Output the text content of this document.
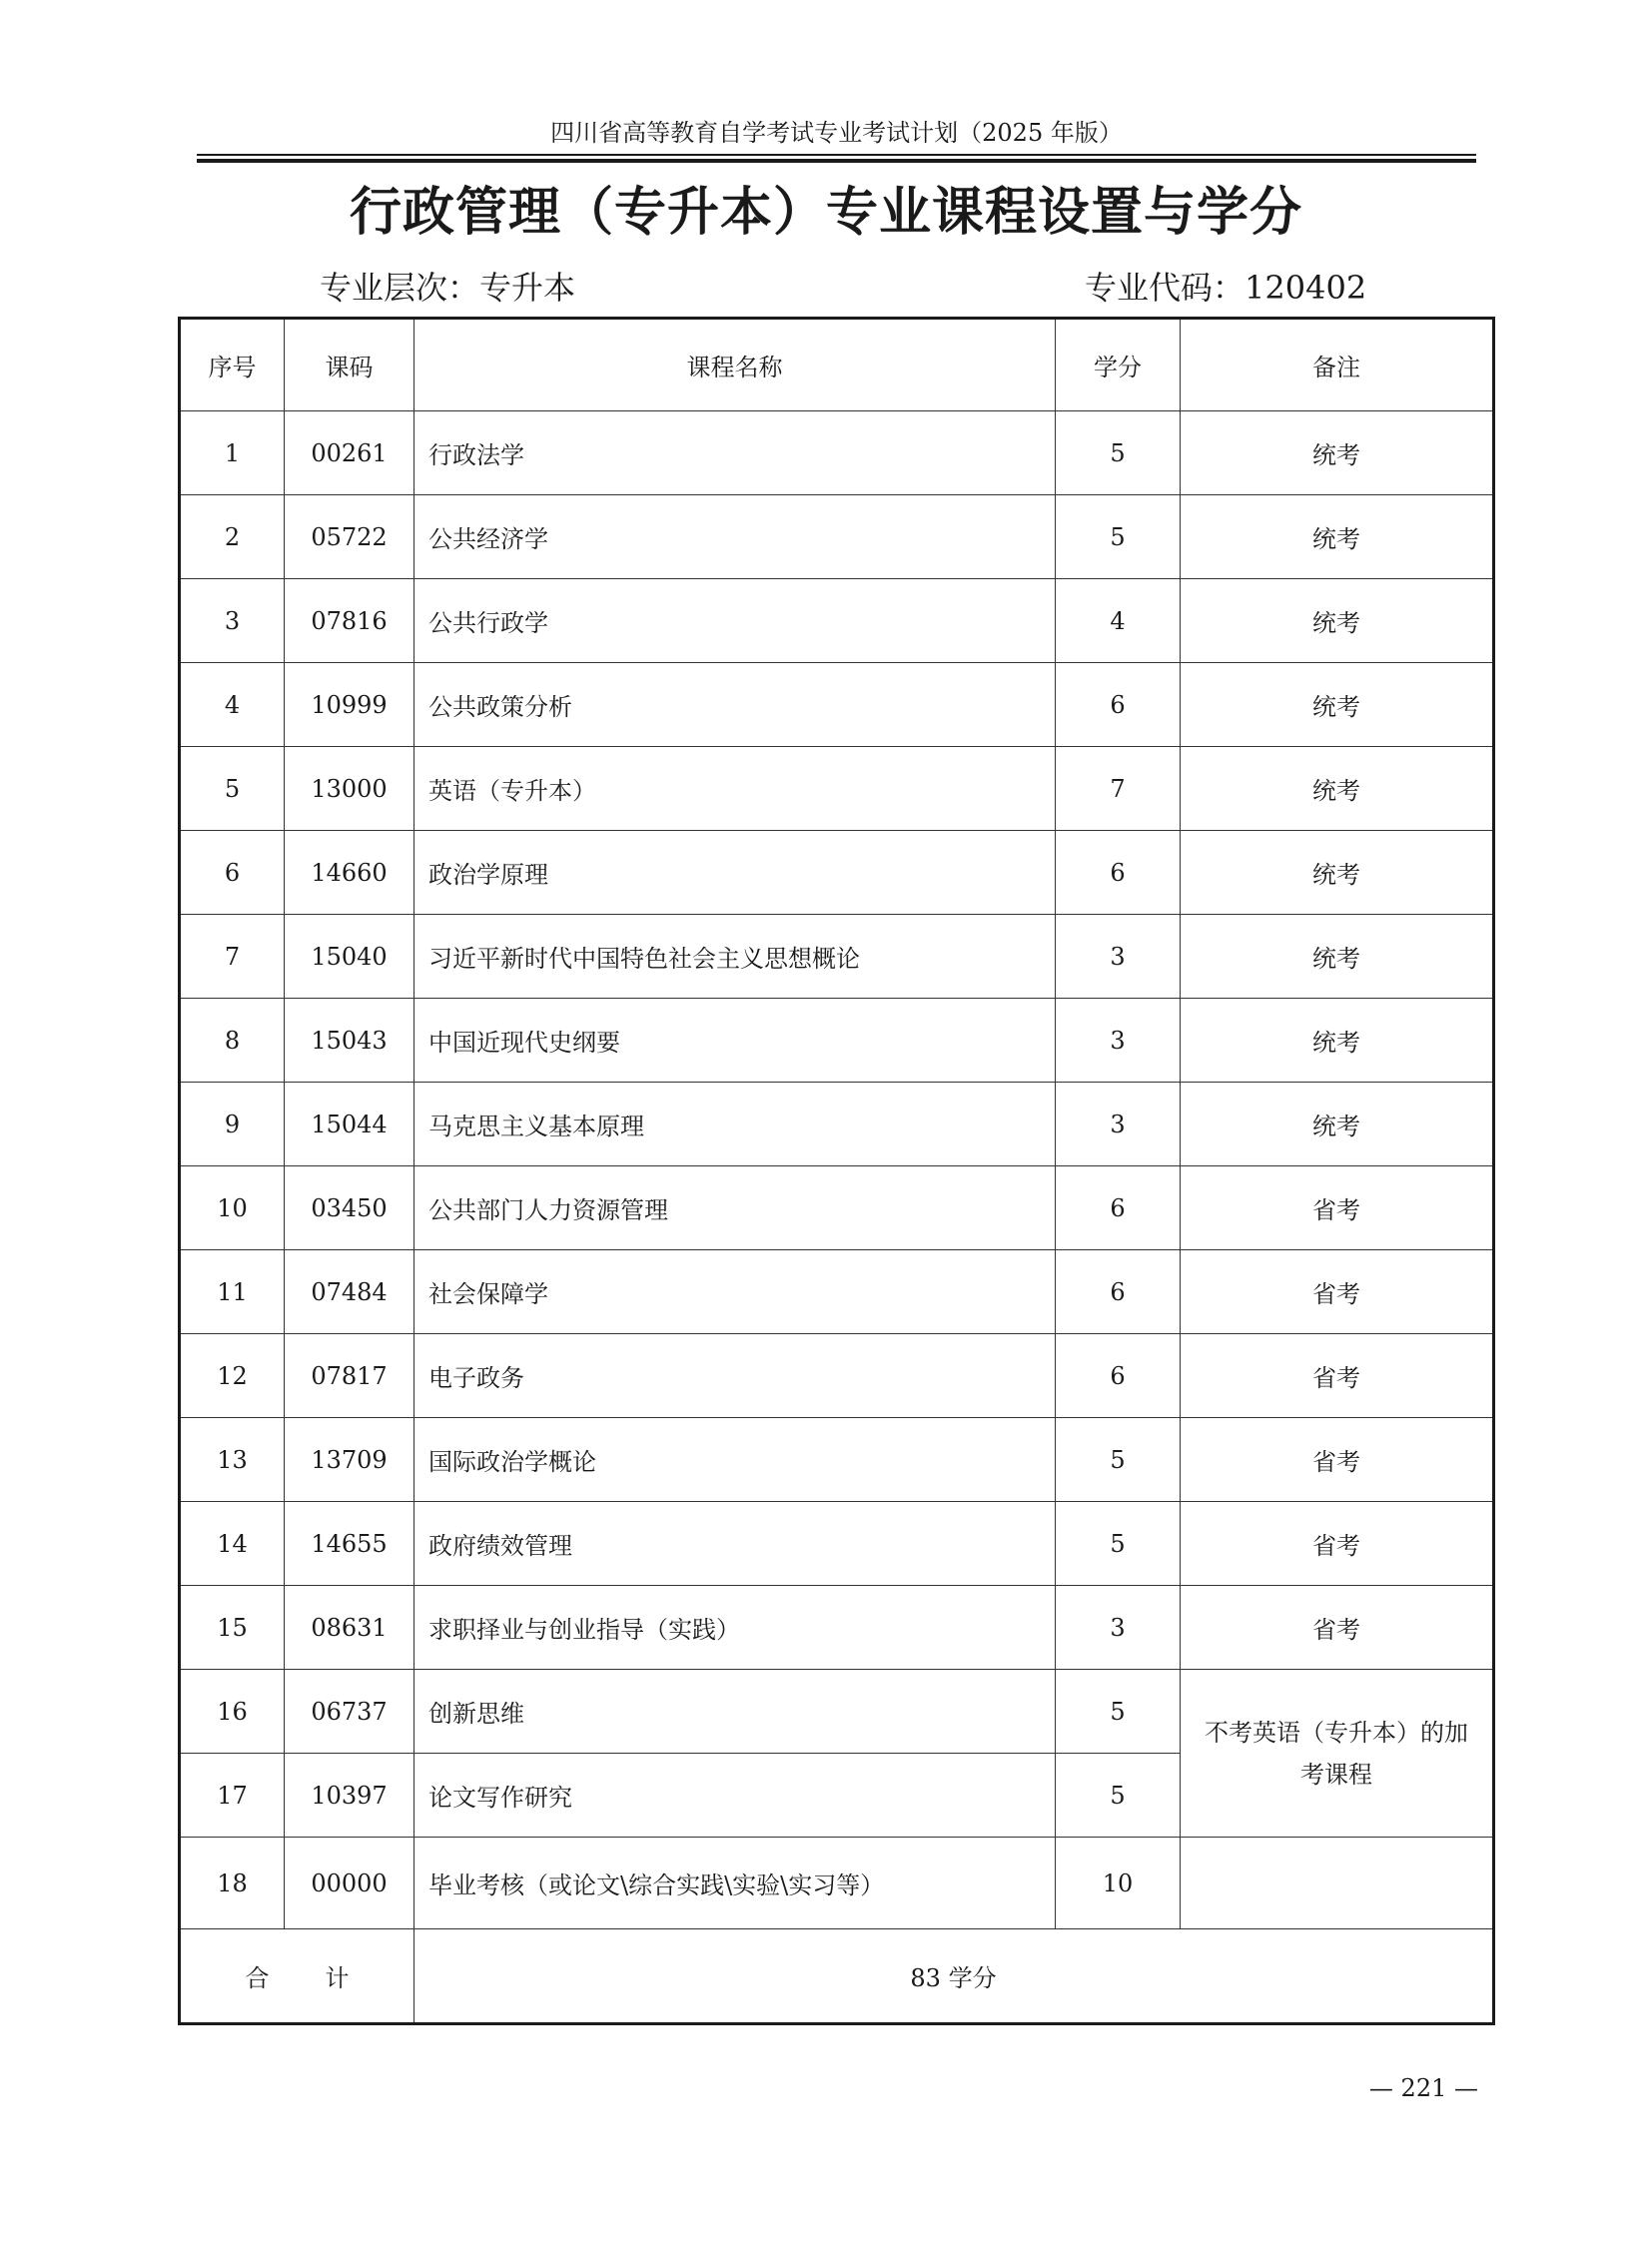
四川省高等教育自学考试专业考试计划（2025 年版）
行政管理（专升本）专业课程设置与学分
专业层次：专升本	专业代码：120402
序号	课码	课程名称	学分	备注
1	00261	行政法学	5	统考
2	05722	公共经济学	5	统考
3	07816	公共行政学	4	统考
4	10999	公共政策分析	6	统考
5	13000	英语（专升本）	7	统考
6	14660	政治学原理	6	统考
7	15040	习近平新时代中国特色社会主义思想概论	3	统考
8	15043	中国近现代史纲要	3	统考
9	15044	马克思主义基本原理	3	统考
10	03450	公共部门人力资源管理	6	省考
11	07484	社会保障学	6	省考
12	07817	电子政务	6	省考
13	13709	国际政治学概论	5	省考
14	14655	政府绩效管理	5	省考
15	08631	求职择业与创业指导（实践）	3	省考
16	06737	创新思维	5	不考英语（专升本）的加
考课程
17	10397	论文写作研究	5	
18	00000	毕业考核（或论文\综合实践\实验\实习等）	10	
合 计		83 学分		
— 221 —
